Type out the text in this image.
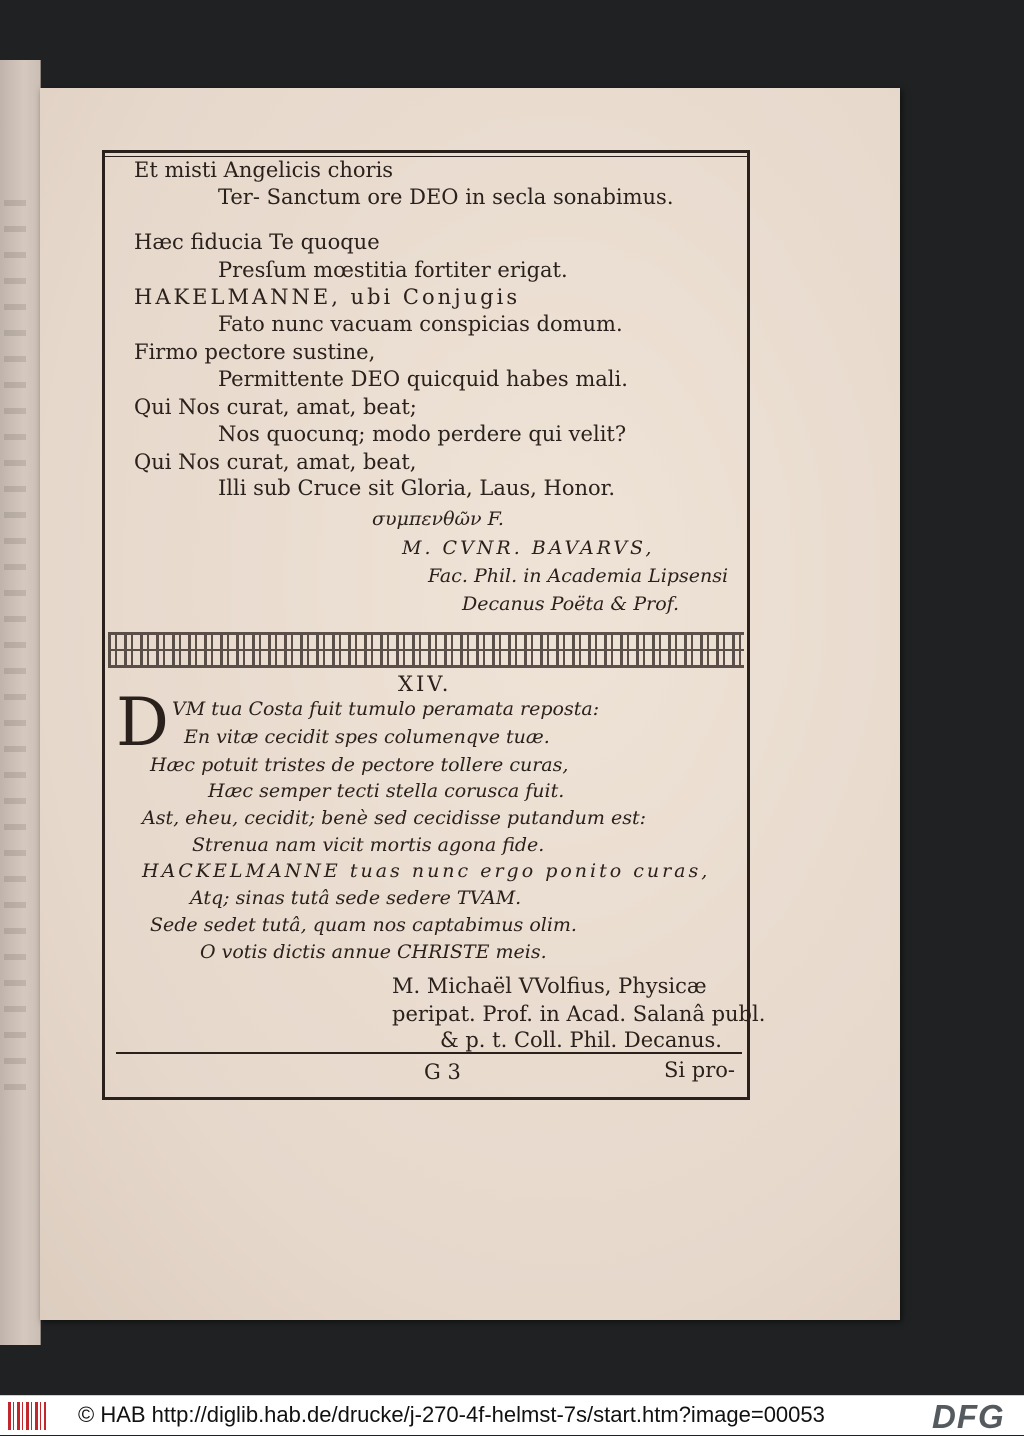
Et misti Angelicis choris
Ter- Sanctum ore DEO in secla sonabimus.
Hæc fiducia Te quoque
Presſum mœstitia fortiter erigat.
HAKELMANNE, ubi Conjugis
Fato nunc vacuam conspicias domum.
Firmo pectore sustine,
Permittente DEO quicquid habes mali.
Qui Nos curat, amat, beat;
Nos quocunq; modo perdere qui velit?
Qui Nos curat, amat, beat,
Illi sub Cruce sit Gloria, Laus, Honor.
συμπενθῶν F.
M. CVNR. BAVARVS,
Fac. Phil. in Academia Lipsensi
Decanus Poëta & Prof.
XIV.
D VM tua Costa fuit tumulo peramata reposta:
En vitæ cecidit spes columenqve tuæ.
Hæc potuit tristes de pectore tollere curas,
Hæc semper tecti stella corusca fuit.
Ast, eheu, cecidit; benè sed cecidisse putandum est:
Strenua nam vicit mortis agona fide.
HACKELMANNE tuas nunc ergo ponito curas,
Atq; sinas tutâ sede sedere TVAM.
Sede sedet tutâ, quam nos captabimus olim.
O votis dictis annue CHRISTE meis.
M. Michaël VVolfius, Physicæ
peripat. Prof. in Acad. Salanâ publ.
& p. t. Coll. Phil. Decanus.
G 3	Si pro-
© HAB http://diglib.hab.de/drucke/j-270-4f-helmst-7s/start.htm?image=00053	DFG
